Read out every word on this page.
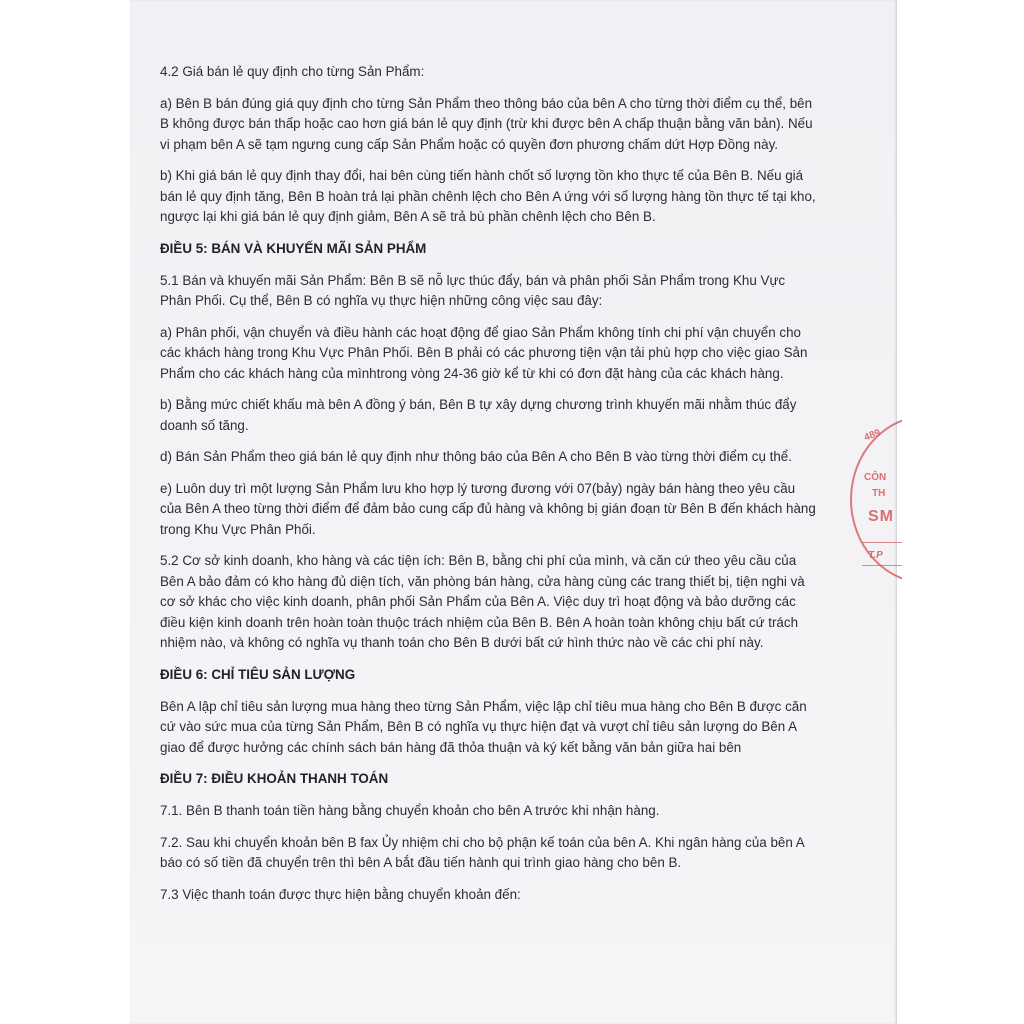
4.2 Giá bán lẻ quy định cho từng Sản Phẩm:

a) Bên B bán đúng giá quy định cho từng Sản Phẩm theo thông báo của bên A cho từng thời điểm cụ thể, bên B không được bán thấp hoặc cao hơn giá bán lẻ quy định (trừ khi được bên A chấp thuận bằng văn bản). Nếu vi phạm bên A sẽ tạm ngưng cung cấp Sản Phẩm hoặc có quyền đơn phương chấm dứt Hợp Đồng này.

b) Khi giá bán lẻ quy định thay đổi, hai bên cùng tiến hành chốt số lượng tồn kho thực tế của Bên B. Nếu giá bán lẻ quy định tăng, Bên B hoàn trả lại phần chênh lệch cho Bên A ứng với số lượng hàng tồn thực tế tại kho, ngược lại khi giá bán lẻ quy định giảm, Bên A sẽ trả bù phần chênh lệch cho Bên B.

ĐIỀU 5: BÁN VÀ KHUYẾN MÃI SẢN PHẨM

5.1 Bán và khuyến mãi Sản Phẩm: Bên B sẽ nỗ lực thúc đẩy, bán và phân phối Sản Phẩm trong Khu Vực Phân Phối. Cụ thể, Bên B có nghĩa vụ thực hiện những công việc sau đây:

a) Phân phối, vận chuyển và điều hành các hoạt động để giao Sản Phẩm không tính chi phí vận chuyển cho các khách hàng trong Khu Vực Phân Phối. Bên B phải có các phương tiện vận tải phù hợp cho việc giao Sản Phẩm cho các khách hàng của mìnhtrong vòng 24-36 giờ kể từ khi có đơn đặt hàng của các khách hàng.

b) Bằng mức chiết khấu mà bên A đồng ý bán, Bên B tự xây dựng chương trình khuyến mãi nhằm thúc đẩy doanh số tăng.

d) Bán Sản Phẩm theo giá bán lẻ quy định như thông báo của Bên A cho Bên B vào từng thời điểm cụ thể.

e) Luôn duy trì một lượng Sản Phẩm lưu kho hợp lý tương đương với 07(bảy) ngày bán hàng theo yêu cầu của Bên A theo từng thời điểm để đảm bảo cung cấp đủ hàng và không bị gián đoạn từ Bên B đến khách hàng trong Khu Vực Phân Phối.

5.2 Cơ sở kinh doanh, kho hàng và các tiện ích: Bên B, bằng chi phí của mình, và căn cứ theo yêu cầu của Bên A bảo đảm có kho hàng đủ diện tích, văn phòng bán hàng, cửa hàng cùng các trang thiết bị, tiện nghi và cơ sở khác cho việc kinh doanh, phân phối Sản Phẩm của Bên A. Việc duy trì hoạt động và bảo dưỡng các điều kiện kinh doanh trên hoàn toàn thuộc trách nhiệm của Bên B. Bên A hoàn toàn không chịu bất cứ trách nhiệm nào, và không có nghĩa vụ thanh toán cho Bên B dưới bất cứ hình thức nào về các chi phí này.

ĐIỀU 6: CHỈ TIÊU SẢN LƯỢNG

Bên A lập chỉ tiêu sản lượng mua hàng theo từng Sản Phẩm, việc lập chỉ tiêu mua hàng cho Bên B được căn cứ vào sức mua của từng Sản Phẩm, Bên B có nghĩa vụ thực hiện đạt và vượt chỉ tiêu sản lượng do Bên A giao để được hưởng các chính sách bán hàng đã thỏa thuận và ký kết bằng văn bản giữa hai bên

ĐIỀU 7: ĐIỀU KHOẢN THANH TOÁN

7.1. Bên B thanh toán tiền hàng bằng chuyển khoản cho bên A trước khi nhận hàng.

7.2. Sau khi chuyển khoản bên B fax Ủy nhiệm chi cho bộ phận kế toán của bên A. Khi ngân hàng của bên A báo có số tiền đã chuyển trên thì bên A bắt đầu tiến hành qui trình giao hàng cho bên B.

7.3 Việc thanh toán được thực hiện bằng chuyển khoản đến:

489
CÔN
TH
SM
T.P
